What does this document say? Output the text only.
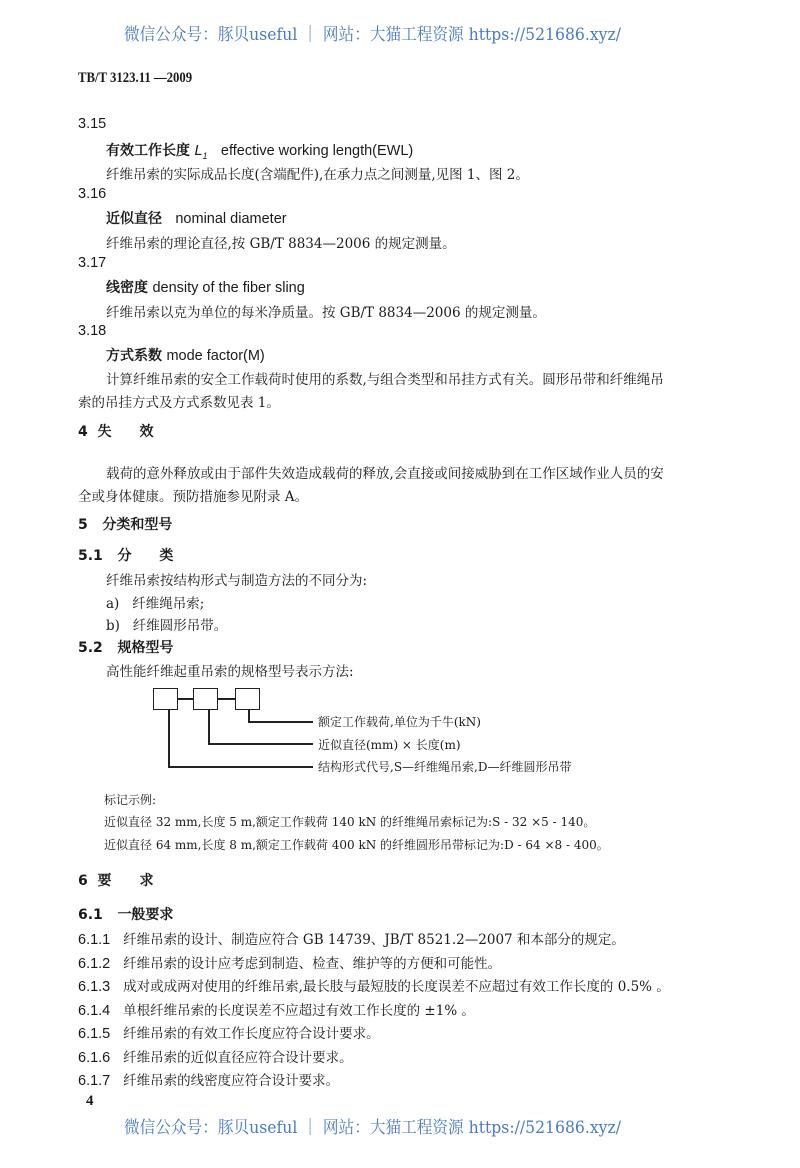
微信公众号：豚贝useful ｜ 网站：大猫工程资源 https://521686.xyz/
TB/T 3123.11 —2009
3.15
有效工作长度 $L_1$ effective working length(EWL)
纤维吊索的实际成品长度(含端配件),在承力点之间测量,见图 1、图 2。
3.16
近似直径 nominal diameter
纤维吊索的理论直径,按 GB/T 8834—2006 的规定测量。
3.17
线密度 density of the fiber sling
纤维吊索以克为单位的每米净质量。按 GB/T 8834—2006 的规定测量。
3.18
方式系数 mode factor(M)
计算纤维吊索的安全工作载荷时使用的系数,与组合类型和吊挂方式有关。圆形吊带和纤维绳吊
索的吊挂方式及方式系数见表 1。
4 失　　效
载荷的意外释放或由于部件失效造成载荷的释放,会直接或间接威胁到在工作区域作业人员的安
全或身体健康。预防措施参见附录 A。
5 分类和型号
5.1 分　　类
纤维吊索按结构形式与制造方法的不同分为:
a) 纤维绳吊索;
b) 纤维圆形吊带。
5.2 规格型号
高性能纤维起重吊索的规格型号表示方法:
额定工作载荷,单位为千牛(kN)
近似直径(mm) × 长度(m)
结构形式代号,S—纤维绳吊索,D—纤维圆形吊带
标记示例:
近似直径 32 mm,长度 5 m,额定工作载荷 140 kN 的纤维绳吊索标记为:S - 32 ×5 - 140。
近似直径 64 mm,长度 8 m,额定工作载荷 400 kN 的纤维圆形吊带标记为:D - 64 ×8 - 400。
6 要　　求
6.1 一般要求
6.1.1 纤维吊索的设计、制造应符合 GB 14739、JB/T 8521.2—2007 和本部分的规定。
6.1.2 纤维吊索的设计应考虑到制造、检查、维护等的方便和可能性。
6.1.3 成对或成两对使用的纤维吊索,最长肢与最短肢的长度误差不应超过有效工作长度的 0.5% 。
6.1.4 单根纤维吊索的长度误差不应超过有效工作长度的 ±1% 。
6.1.5 纤维吊索的有效工作长度应符合设计要求。
6.1.6 纤维吊索的近似直径应符合设计要求。
6.1.7 纤维吊索的线密度应符合设计要求。
4
微信公众号：豚贝useful ｜ 网站：大猫工程资源 https://521686.xyz/
